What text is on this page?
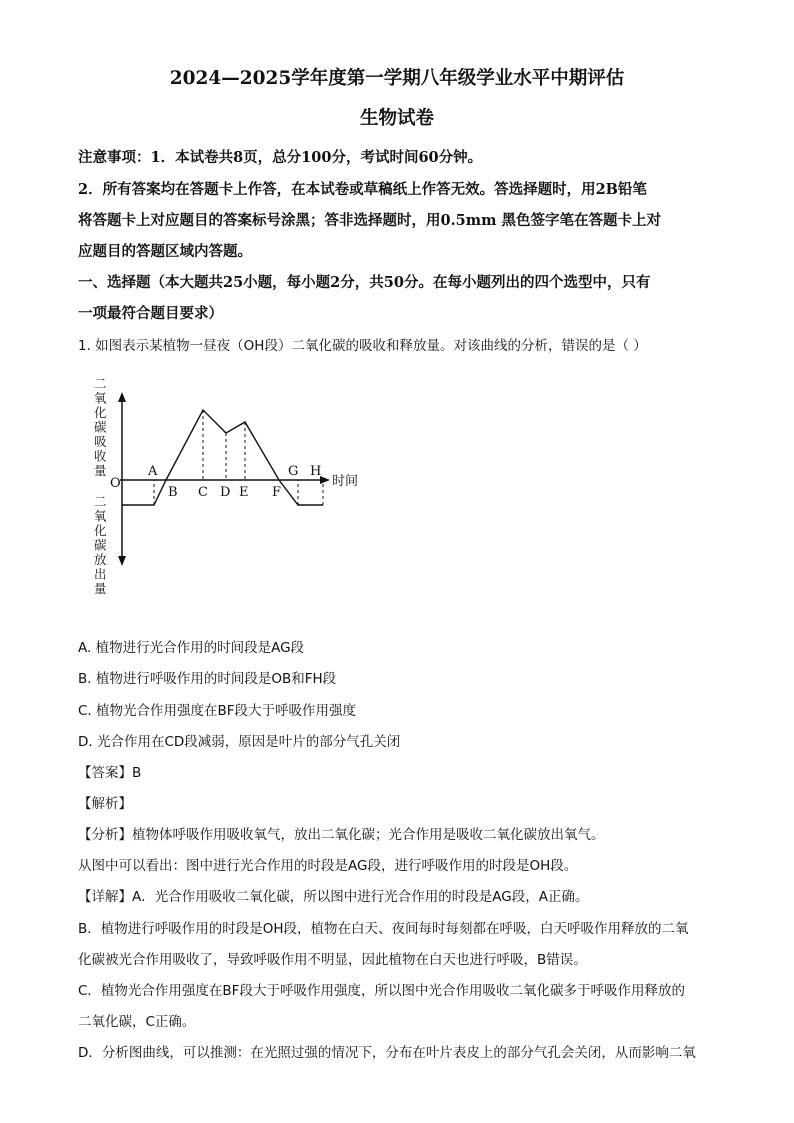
2024—2025学年度第一学期八年级学业水平中期评估
生物试卷
注意事项：1．本试卷共8页，总分100分，考试时间60分钟。
2．所有答案均在答题卡上作答，在本试卷或草稿纸上作答无效。答选择题时，用2B铅笔
将答题卡上对应题目的答案标号涂黑；答非选择题时，用0.5mm 黑色签字笔在答题卡上对
应题目的答题区域内答题。
一、选择题（本大题共25小题，每小题2分，共50分。在每小题列出的四个选型中，只有
一项最符合题目要求）
1. 如图表示某植物一昼夜（OH段）二氧化碳的吸收和释放量。对该曲线的分析，错误的是（ ）
二
氧
化
碳
吸
收
量
二
氧
化
碳
放
出
量
时间
O
A
B C D E F
G H
A. 植物进行光合作用的时间段是AG段
B. 植物进行呼吸作用的时间段是OB和FH段
C. 植物光合作用强度在BF段大于呼吸作用强度
D. 光合作用在CD段减弱，原因是叶片的部分气孔关闭
【答案】B
【解析】
【分析】植物体呼吸作用吸收氧气，放出二氧化碳；光合作用是吸收二氧化碳放出氧气。
从图中可以看出：图中进行光合作用的时段是AG段，进行呼吸作用的时段是OH段。
【详解】A．光合作用吸收二氧化碳，所以图中进行光合作用的时段是AG段，A正确。
B．植物进行呼吸作用的时段是OH段，植物在白天、夜间每时每刻都在呼吸，白天呼吸作用释放的二氧
化碳被光合作用吸收了，导致呼吸作用不明显，因此植物在白天也进行呼吸，B错误。
C．植物光合作用强度在BF段大于呼吸作用强度，所以图中光合作用吸收二氧化碳多于呼吸作用释放的
二氧化碳，C正确。
D．分析图曲线，可以推测：在光照过强的情况下，分布在叶片表皮上的部分气孔会关闭，从而影响二氧
